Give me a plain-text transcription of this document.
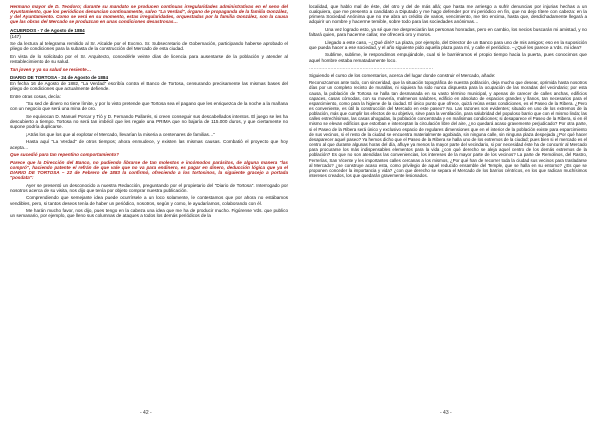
Hermano mayor de D. Teodoro; durante su mandato se producen continuas irregularidades administrativas en el seno del Ayuntamiento, que los periódicos denuncian continuamente, salvo "La Verdad", órgano de propaganda de la familia González, y del Ayuntamiento. Como se verá en su momento, estas irregularidades, orquestadas por la familia González, son la causa que las obras del Mercado se produzcan en unas condiciones desastrosas…

ACUERDOS - 7 de Agosto de 1884

(147)

Se da lectura al telegrama remitido al Sr. Alcalde por el Excmo. Sr. Subsecretario de Gobernación, participando haberse aprobado el pliego de condiciones para la subasta de la construcción del Mercado de esta ciudad.

En vista de lo solicitado por el Sr. Arquitecto, concedérle veinte días de licencia para ausentarse de la población y atender al restablecimiento de su salud.

Tan joven y ya su salud se resiente…

DIARIO DE TORTOSA - 24 de Agosto de 1884

En fecha 16 de Agosto de 1882, "La Verdad" escribía contra el Banco de Tortosa, censurando precisamente las mismas bases del pliego de condiciones que actualmente defiende.

Entre otras cosas, decía:

"Su sed de dinero no tiene límite, y por lo visto pretende que Tortosa sea el pagano que les enriquezca de la noche a la mañana con un negocio que será una mina de oro.

Se equivocan D. Manuel Porcar y Tió y D. Fernando Pallarés, si creen conseguir sus descabellados intentos. El juego se les ha descubierto a tiempo. Tortosa no será tan imbécil que les regale una PRIMA que no bajaría de 115.000 duros, y que ciertamente no supone podría duplicarse.

¡Atrás los que los que al explotar el Mercado, llevarían la miseria a centenares de familias…"

Hasta aquí "La Verdad" de otros tiempos; ahora enmudece, y existen las mismas causas. Combatió el proyecto que hoy acepta…

Que sucedió para tan repentino comportamiento?

Parece que la Dirección del Banco, no pudiendo librarse de tan molestos e incómodos parásitos, de alguna manera "las compró", haciendo patente el refrán de que vale que no va para endinero, es pagar en dinero, deducción lógica que ya el DIARIO DE TORTOSA – 22 de Febrero de 1883 la confirmó, ofreciendo a los tortosinos, la siguiente gracejo a portada "posdata":

Ayer se presentó un desconocido a nuestra Redacción, preguntando por el propietario del "Diario de Tortosa". Interrogado por nosotros acerca de su visita, nos dijo que tenía por objeto comprar nuestra publicación.

Comprendiendo que semejante idea puede ocurrírsele a un loco solamente, le contestamos que por ahora no estábamos vendibles, pero, si tantos deseos tenía de haber un periódico, nosotros, según y como, le ayudaríamos, colaborando con él.

Me harán mucho favor, nos dijo, pues tengo en la cabeza una idea que me ha de producir mucho. Figúrense Vds. que publico un semanario, por ejemplo, que lleno sus columnas de ataques a todos los demás periódicos de la

localidad, que hablo mal de éste, del otro y del de más allá; que hasta me arriesgo a sufrir denuncias por injurias hechas a un cualquiera, que me presento a candidato a Diputado y me hago defender por mi periódico en fin, que no dejo títere con cabeza: en la primera Sociedad Anónima que no me abra un crédito de varios, vencimiento, me tiro encima, hasta que, desdichadamente llegará a adquirir un nombre y hacerme temible, sobre todo para las sociedades anónimas…

Una vez logrado esto, ya sé que me despreciarán las personas honradas, pero en cambio, los necios buscarán mi amistad, y no faltará quien, para hacerme callar, me ofrecerá oro y moros.

Llegado a este caso, –¿Qué diré? La plaza, por ejemplo, del Director de un Banco para uno de mis amigos; eso en la suposición que pueda hacer a ese sociedad, y el año siguiente pido aquella plaza para mí, y calle el periódico. –¿Qué les parece a Vds. mi idea?

Sublime, sublime, le respondimos empujándole, cual si le barriéramos el propio tiempo hacia la puerta, pues conocimos que aquel hombre estaba rematadamente loco.

………………………………………………………………………

Siguiendo el curso de los comentarios, acerca del lugar donde construir el Mercado, añade:

Reconozcamos ante todo, con sinceridad, que la situación topográfica de nuestra población, deja mucho que desear, oprimida hasta nosotros días por un completo recinto de murallas, ni siquiera ha sido nunca dispuesta para la ocupación de las moradas del vecindario; por esta causa, la población de Tortosa se halla tan desmanada en su vasto término municipal, y apenas de carecer de calles anchas, edificios capaces, casas cómodas, con su movería, malmenos salubres, edificio en absoluto de espacios grandes y llanos, tan necesarios para el esparcimiento, como para la higiene de la ciudad. El único punto que ofrece, quizá reúna estas condiciones, es el Paseo de la Ribera. ¿Pero es conveniente, es útil la construcción del Mercado en este paseo? No. Las razones son evidentes; situado en uno de los extremos de la población, más que cumplir los efectos de su objetivo, sirve para la ventilación, para salubridad del populoso barrio que con el mismo linda; las calles estrechísimas, las casas ahogadas, la población concentrada y en malísimas condiciones; si desaparece el Paseo de la Ribera, si en él mismo se elevan edificios que estorban e interceptan la circulación libre del aire, ¿no quedará acaso gravemente perjudicado? Por otra parte, si el Paseo de la Ribera será único y exclusivo espacio de regulares dimensiones que en el interior de la población existe para esparcimiento de sus vecinos, si el resto de la ciudad se encuentra materialmente agobiada, sin ninguna calle, sin ninguna plaza despejada ¿Por qué hacer desaparecer aquel paseo? Ya hemos dicho que el Paseo de la Ribera se halla uno de los extremos de la ciudad; pues bien si el mercado es el centro al que durante algunas horas del día, afluye ya menos la mayor parte del vecindario, si por necesidad éste ha de concurrir al Mercado para procurarse los más indispensables elementos para la vida ¿con qué derecho se aleja aquel centro de los demás extremos de la población? Es que no son atendidas las conveniencias, los intereses de la mayor parte de los vecinos? La parte de Remolinos, del Rastro, Ferrerías, San Vicente y les importantes calles cercanas a los mismos, ¿Por qué han de recorrer toda la ciudad sus vecinos para trasladarse al Mercado? ¿se construye acaso esta, como privilegio de aquel reducido ensamble del Temple, que se halla en su entorno? ¿Es que se proponen conceder la importancia y vida? ¿con que derecho se separa el Mercado de los barrios céntricos, en los que radican muchísimos intereses creados, los que quedarán gravemente lesionados.

- 42 -	- 43 -
